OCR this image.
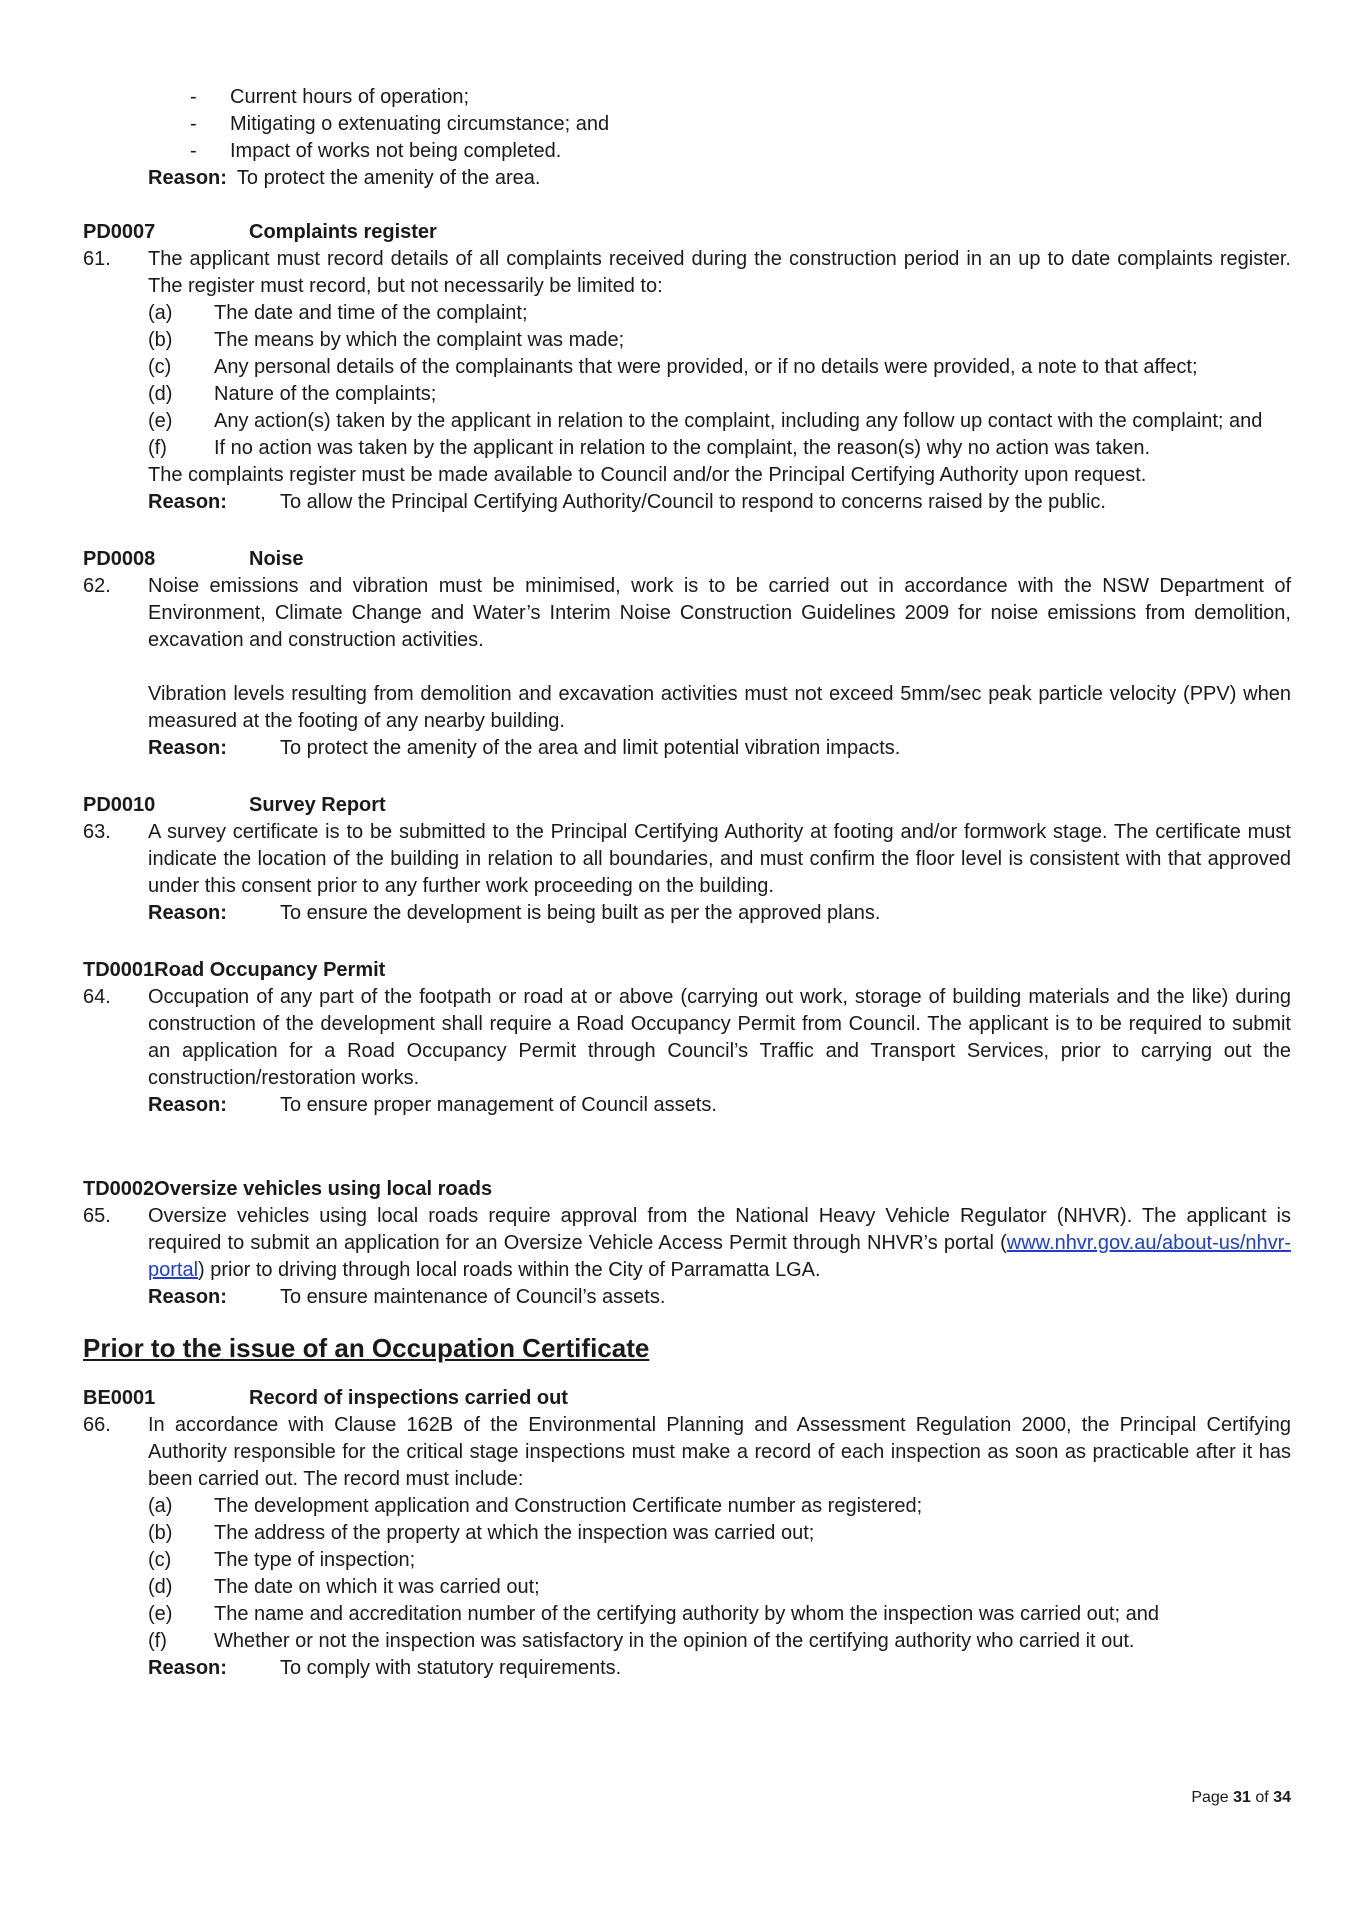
-	Current hours of operation;
-	Mitigating o extenuating circumstance; and
-	Impact of works not being completed.
Reason: To protect the amenity of the area.
PD0007	Complaints register
61.	The applicant must record details of all complaints received during the construction period in an up to date complaints register. The register must record, but not necessarily be limited to:
(a)	The date and time of the complaint;
(b)	The means by which the complaint was made;
(c)	Any personal details of the complainants that were provided, or if no details were provided, a note to that affect;
(d)	Nature of the complaints;
(e)	Any action(s) taken by the applicant in relation to the complaint, including any follow up contact with the complaint; and
(f)	If no action was taken by the applicant in relation to the complaint, the reason(s) why no action was taken.
The complaints register must be made available to Council and/or the Principal Certifying Authority upon request.
Reason:	To allow the Principal Certifying Authority/Council to respond to concerns raised by the public.
PD0008	Noise
62.	Noise emissions and vibration must be minimised, work is to be carried out in accordance with the NSW Department of Environment, Climate Change and Water’s Interim Noise Construction Guidelines 2009 for noise emissions from demolition, excavation and construction activities.
Vibration levels resulting from demolition and excavation activities must not exceed 5mm/sec peak particle velocity (PPV) when measured at the footing of any nearby building.
Reason:	To protect the amenity of the area and limit potential vibration impacts.
PD0010	Survey Report
63.	A survey certificate is to be submitted to the Principal Certifying Authority at footing and/or formwork stage. The certificate must indicate the location of the building in relation to all boundaries, and must confirm the floor level is consistent with that approved under this consent prior to any further work proceeding on the building.
Reason:	To ensure the development is being built as per the approved plans.
TD0001 Road Occupancy Permit
64.	Occupation of any part of the footpath or road at or above (carrying out work, storage of building materials and the like) during construction of the development shall require a Road Occupancy Permit from Council. The applicant is to be required to submit an application for a Road Occupancy Permit through Council’s Traffic and Transport Services, prior to carrying out the construction/restoration works.
Reason:	To ensure proper management of Council assets.
TD0002 Oversize vehicles using local roads
65.	Oversize vehicles using local roads require approval from the National Heavy Vehicle Regulator (NHVR). The applicant is required to submit an application for an Oversize Vehicle Access Permit through NHVR’s portal (www.nhvr.gov.au/about-us/nhvr-portal) prior to driving through local roads within the City of Parramatta LGA.
Reason:	To ensure maintenance of Council’s assets.
Prior to the issue of an Occupation Certificate
BE0001	Record of inspections carried out
66.	In accordance with Clause 162B of the Environmental Planning and Assessment Regulation 2000, the Principal Certifying Authority responsible for the critical stage inspections must make a record of each inspection as soon as practicable after it has been carried out. The record must include:
(a)	The development application and Construction Certificate number as registered;
(b)	The address of the property at which the inspection was carried out;
(c)	The type of inspection;
(d)	The date on which it was carried out;
(e)	The name and accreditation number of the certifying authority by whom the inspection was carried out; and
(f)	Whether or not the inspection was satisfactory in the opinion of the certifying authority who carried it out.
Reason:	To comply with statutory requirements.
Page 31 of 34
